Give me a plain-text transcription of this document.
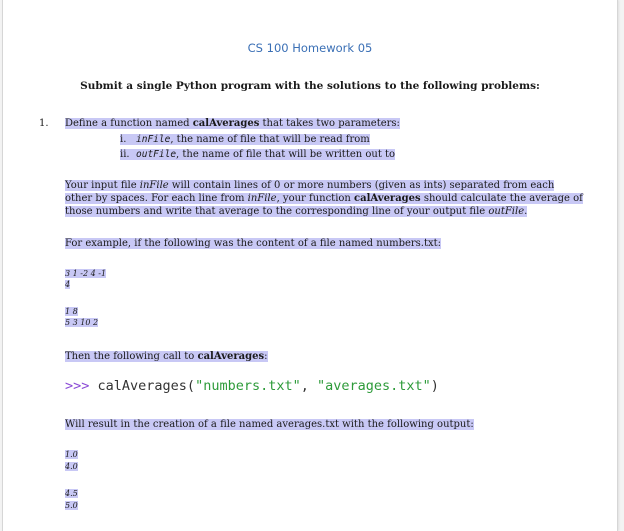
CS 100 Homework 05
Submit a single Python program with the solutions to the following problems:
1. Define a function named calAverages that takes two parameters:
i. inFile, the name of file that will be read from
ii. outFile, the name of file that will be written out to
Your input file inFile will contain lines of 0 or more numbers (given as ints) separated from each
other by spaces. For each line from inFile, your function calAverages should calculate the average of
those numbers and write that average to the corresponding line of your output file outFile.
For example, if the following was the content of a file named numbers.txt:
3 1 -2 4 -1
4
1 8
5 3 10 2
Then the following call to calAverages:
>>> calAverages("numbers.txt", "averages.txt")
Will result in the creation of a file named averages.txt with the following output:
1.0
4.0
4.5
5.0
